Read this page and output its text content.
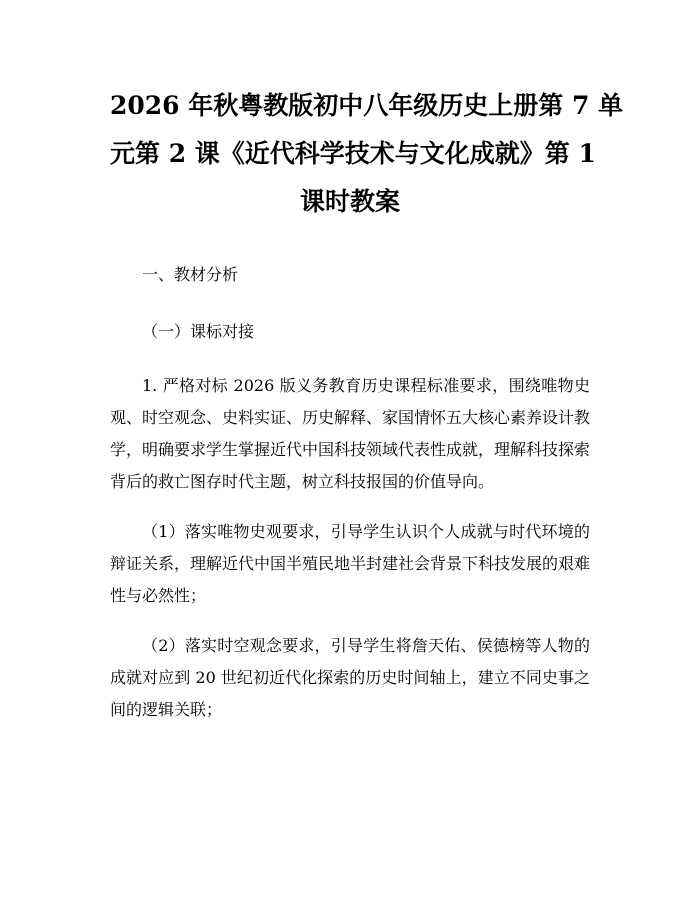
2026 年秋粤教版初中八年级历史上册第 7 单
元第 2 课《近代科学技术与文化成就》第 1
课时教案

一、教材分析

（一）课标对接

1. 严格对标 2026 版义务教育历史课程标准要求，围绕唯物史观、时空观念、史料实证、历史解释、家国情怀五大核心素养设计教学，明确要求学生掌握近代中国科技领域代表性成就，理解科技探索背后的救亡图存时代主题，树立科技报国的价值导向。

（1）落实唯物史观要求，引导学生认识个人成就与时代环境的辩证关系，理解近代中国半殖民地半封建社会背景下科技发展的艰难性与必然性；

（2）落实时空观念要求，引导学生将詹天佑、侯德榜等人物的成就对应到 20 世纪初近代化探索的历史时间轴上，建立不同史事之间的逻辑关联；
